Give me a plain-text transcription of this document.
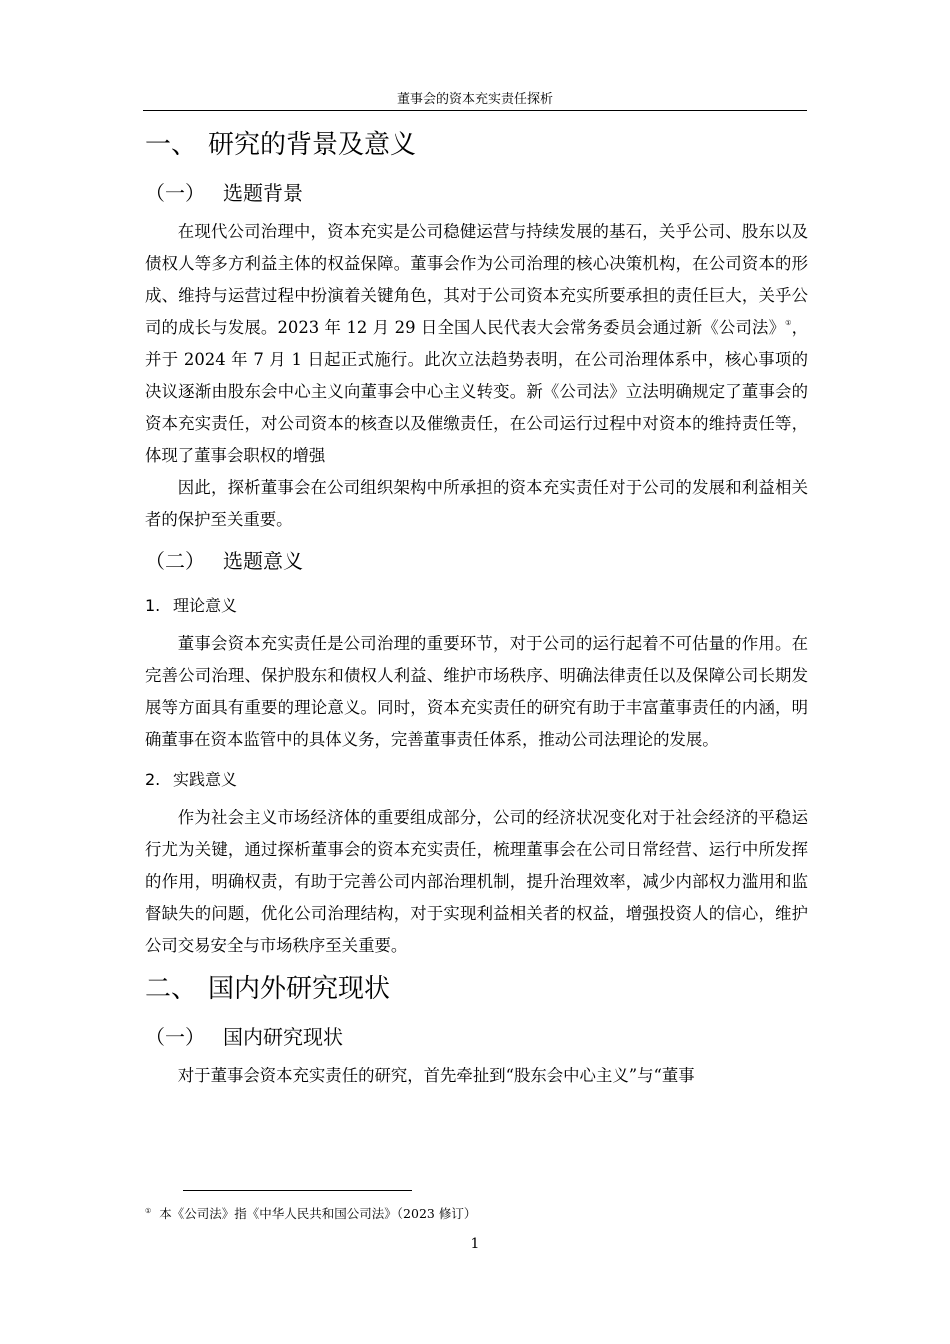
董事会的资本充实责任探析
一、 研究的背景及意义
（一） 选题背景

在现代公司治理中，资本充实是公司稳健运营与持续发展的基石，关乎公司、股东以及债权人等多方利益主体的权益保障。董事会作为公司治理的核心决策机构，在公司资本的形成、维持与运营过程中扮演着关键角色，其对于公司资本充实所要承担的责任巨大，关乎公司的成长与发展。2023 年 12 月 29 日全国人民代表大会常务委员会通过新《公司法》①，并于 2024 年 7 月 1 日起正式施行。此次立法趋势表明，在公司治理体系中，核心事项的决议逐渐由股东会中心主义向董事会中心主义转变。新《公司法》立法明确规定了董事会的资本充实责任，对公司资本的核查以及催缴责任，在公司运行过程中对资本的维持责任等，体现了董事会职权的增强

因此，探析董事会在公司组织架构中所承担的资本充实责任对于公司的发展和利益相关者的保护至关重要。

（二） 选题意义
1. 理论意义

董事会资本充实责任是公司治理的重要环节，对于公司的运行起着不可估量的作用。在完善公司治理、保护股东和债权人利益、维护市场秩序、明确法律责任以及保障公司长期发展等方面具有重要的理论意义。同时，资本充实责任的研究有助于丰富董事责任的内涵，明确董事在资本监管中的具体义务，完善董事责任体系，推动公司法理论的发展。

2. 实践意义

作为社会主义市场经济体的重要组成部分，公司的经济状况变化对于社会经济的平稳运行尤为关键，通过探析董事会的资本充实责任，梳理董事会在公司日常经营、运行中所发挥的作用，明确权责，有助于完善公司内部治理机制，提升治理效率，减少内部权力滥用和监督缺失的问题，优化公司治理结构，对于实现利益相关者的权益，增强投资人的信心，维护公司交易安全与市场秩序至关重要。

二、 国内外研究现状
（一） 国内研究现状

对于董事会资本充实责任的研究，首先牵扯到“股东会中心主义”与“董事

① 本《公司法》指《中华人民共和国公司法》（2023 修订）
1
